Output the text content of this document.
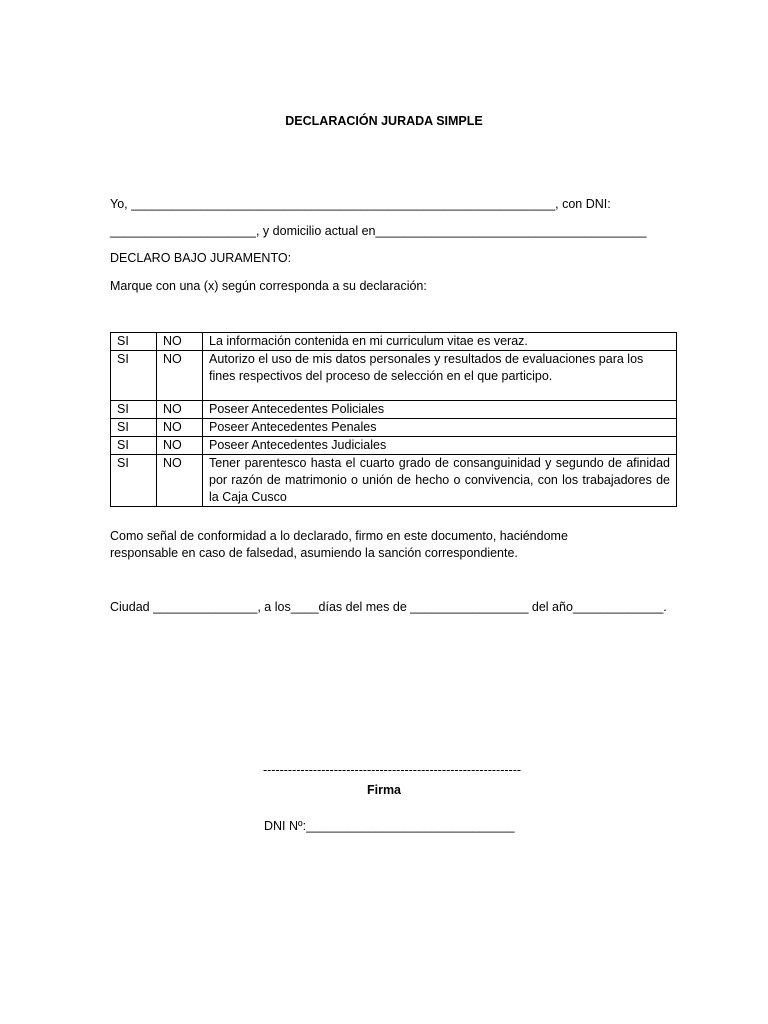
DECLARACIÓN JURADA SIMPLE
Yo, _____________________________________________________________, con DNI:
_____________________, y domicilio actual en_______________________________________
DECLARO BAJO JURAMENTO:
Marque con una (x) según corresponda a su declaración:
SI	NO	La información contenida en mi curriculum vitae es veraz.
SI	NO	Autorizo el uso de mis datos personales y resultados de evaluaciones para los fines respectivos del proceso de selección en el que participo.
SI	NO	Poseer Antecedentes Policiales
SI	NO	Poseer Antecedentes Penales
SI	NO	Poseer Antecedentes Judiciales
SI	NO	Tener parentesco hasta el cuarto grado de consanguinidad y segundo de afinidad por razón de matrimonio o unión de hecho o convivencia, con los trabajadores de la Caja Cusco
Como señal de conformidad a lo declarado, firmo en este documento, haciéndome responsable en caso de falsedad, asumiendo la sanción correspondiente.
Ciudad _______________, a los____días del mes de _________________ del año_____________.
--------------------------------------------------------------
Firma
DNI Nº:______________________________
